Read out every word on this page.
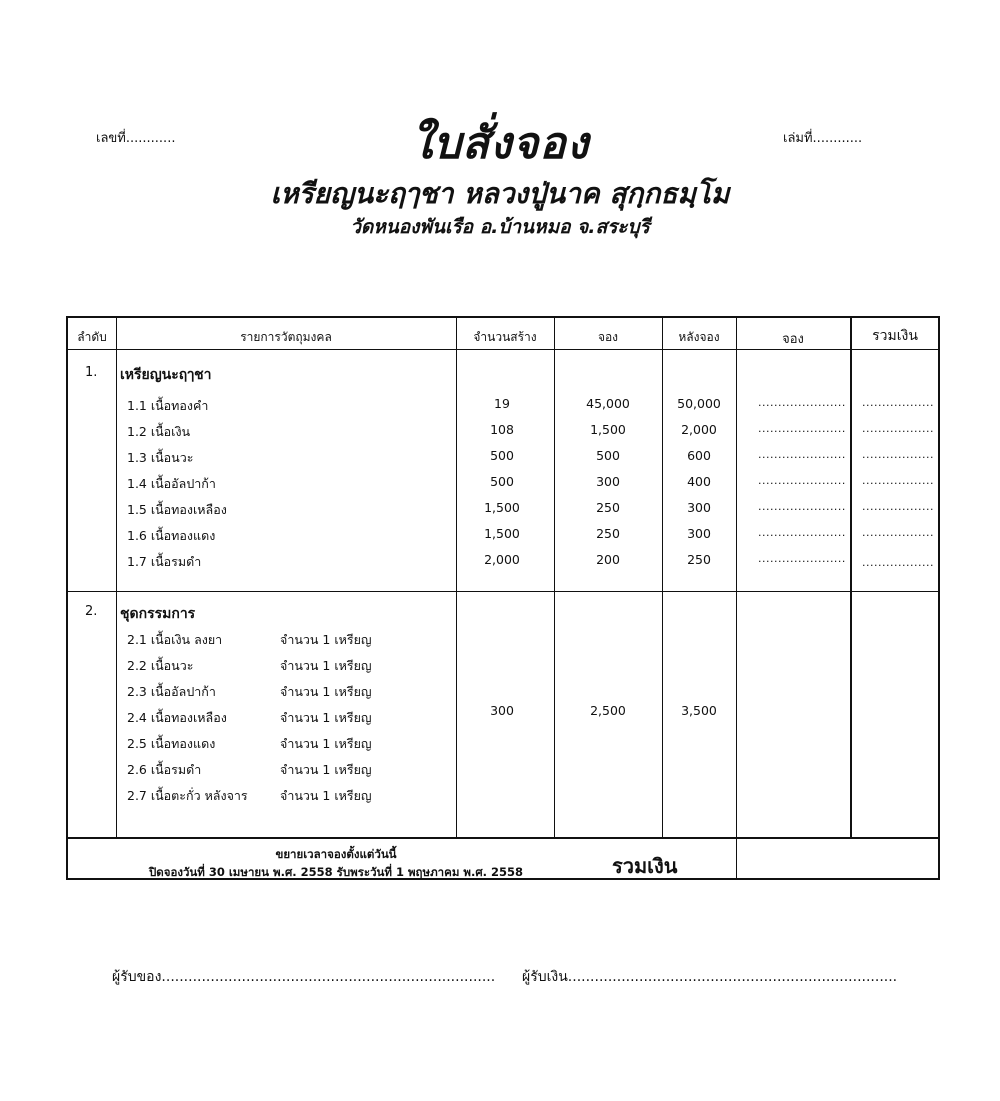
เลขที่............	เล่มที่............
ใบสั่งจอง
เหรียญนะฤๅชา หลวงปู่นาค สุกฺกธมฺโม
วัดหนองพันเรือ อ.บ้านหมอ จ.สระบุรี
ลำดับ	รายการวัตถุมงคล	จำนวนสร้าง	จอง	หลังจอง	จอง	รวมเงิน
1. เหรียญนะฤๅชา
1.1 เนื้อทองคำ	19	45,000	50,000	...................... ..................
1.2 เนื้อเงิน	108	1,500	2,000	...................... ..................
1.3 เนื้อนวะ	500	500	600	...................... ..................
1.4 เนื้ออัลปาก้า	500	300	400	...................... ..................
1.5 เนื้อทองเหลือง	1,500	250	300	...................... ..................
1.6 เนื้อทองแดง	1,500	250	300	...................... ..................
1.7 เนื้อรมดำ	2,000	200	250	...................... ..................
2. ชุดกรรมการ
2.1 เนื้อเงิน ลงยา	จำนวน 1 เหรียญ
2.2 เนื้อนวะ	จำนวน 1 เหรียญ
2.3 เนื้ออัลปาก้า	จำนวน 1 เหรียญ
2.4 เนื้อทองเหลือง	จำนวน 1 เหรียญ
2.5 เนื้อทองแดง	จำนวน 1 เหรียญ
2.6 เนื้อรมดำ	จำนวน 1 เหรียญ
2.7 เนื้อตะกั่ว หลังจาร	จำนวน 1 เหรียญ
300	2,500	3,500
ขยายเวลาจองตั้งแต่วันนี้
ปิดจองวันที่ 30 เมษายน พ.ศ. 2558 รับพระวันที่ 1 พฤษภาคม พ.ศ. 2558	รวมเงิน
ผู้รับของ........................................................................... ผู้รับเงิน..........................................................................
